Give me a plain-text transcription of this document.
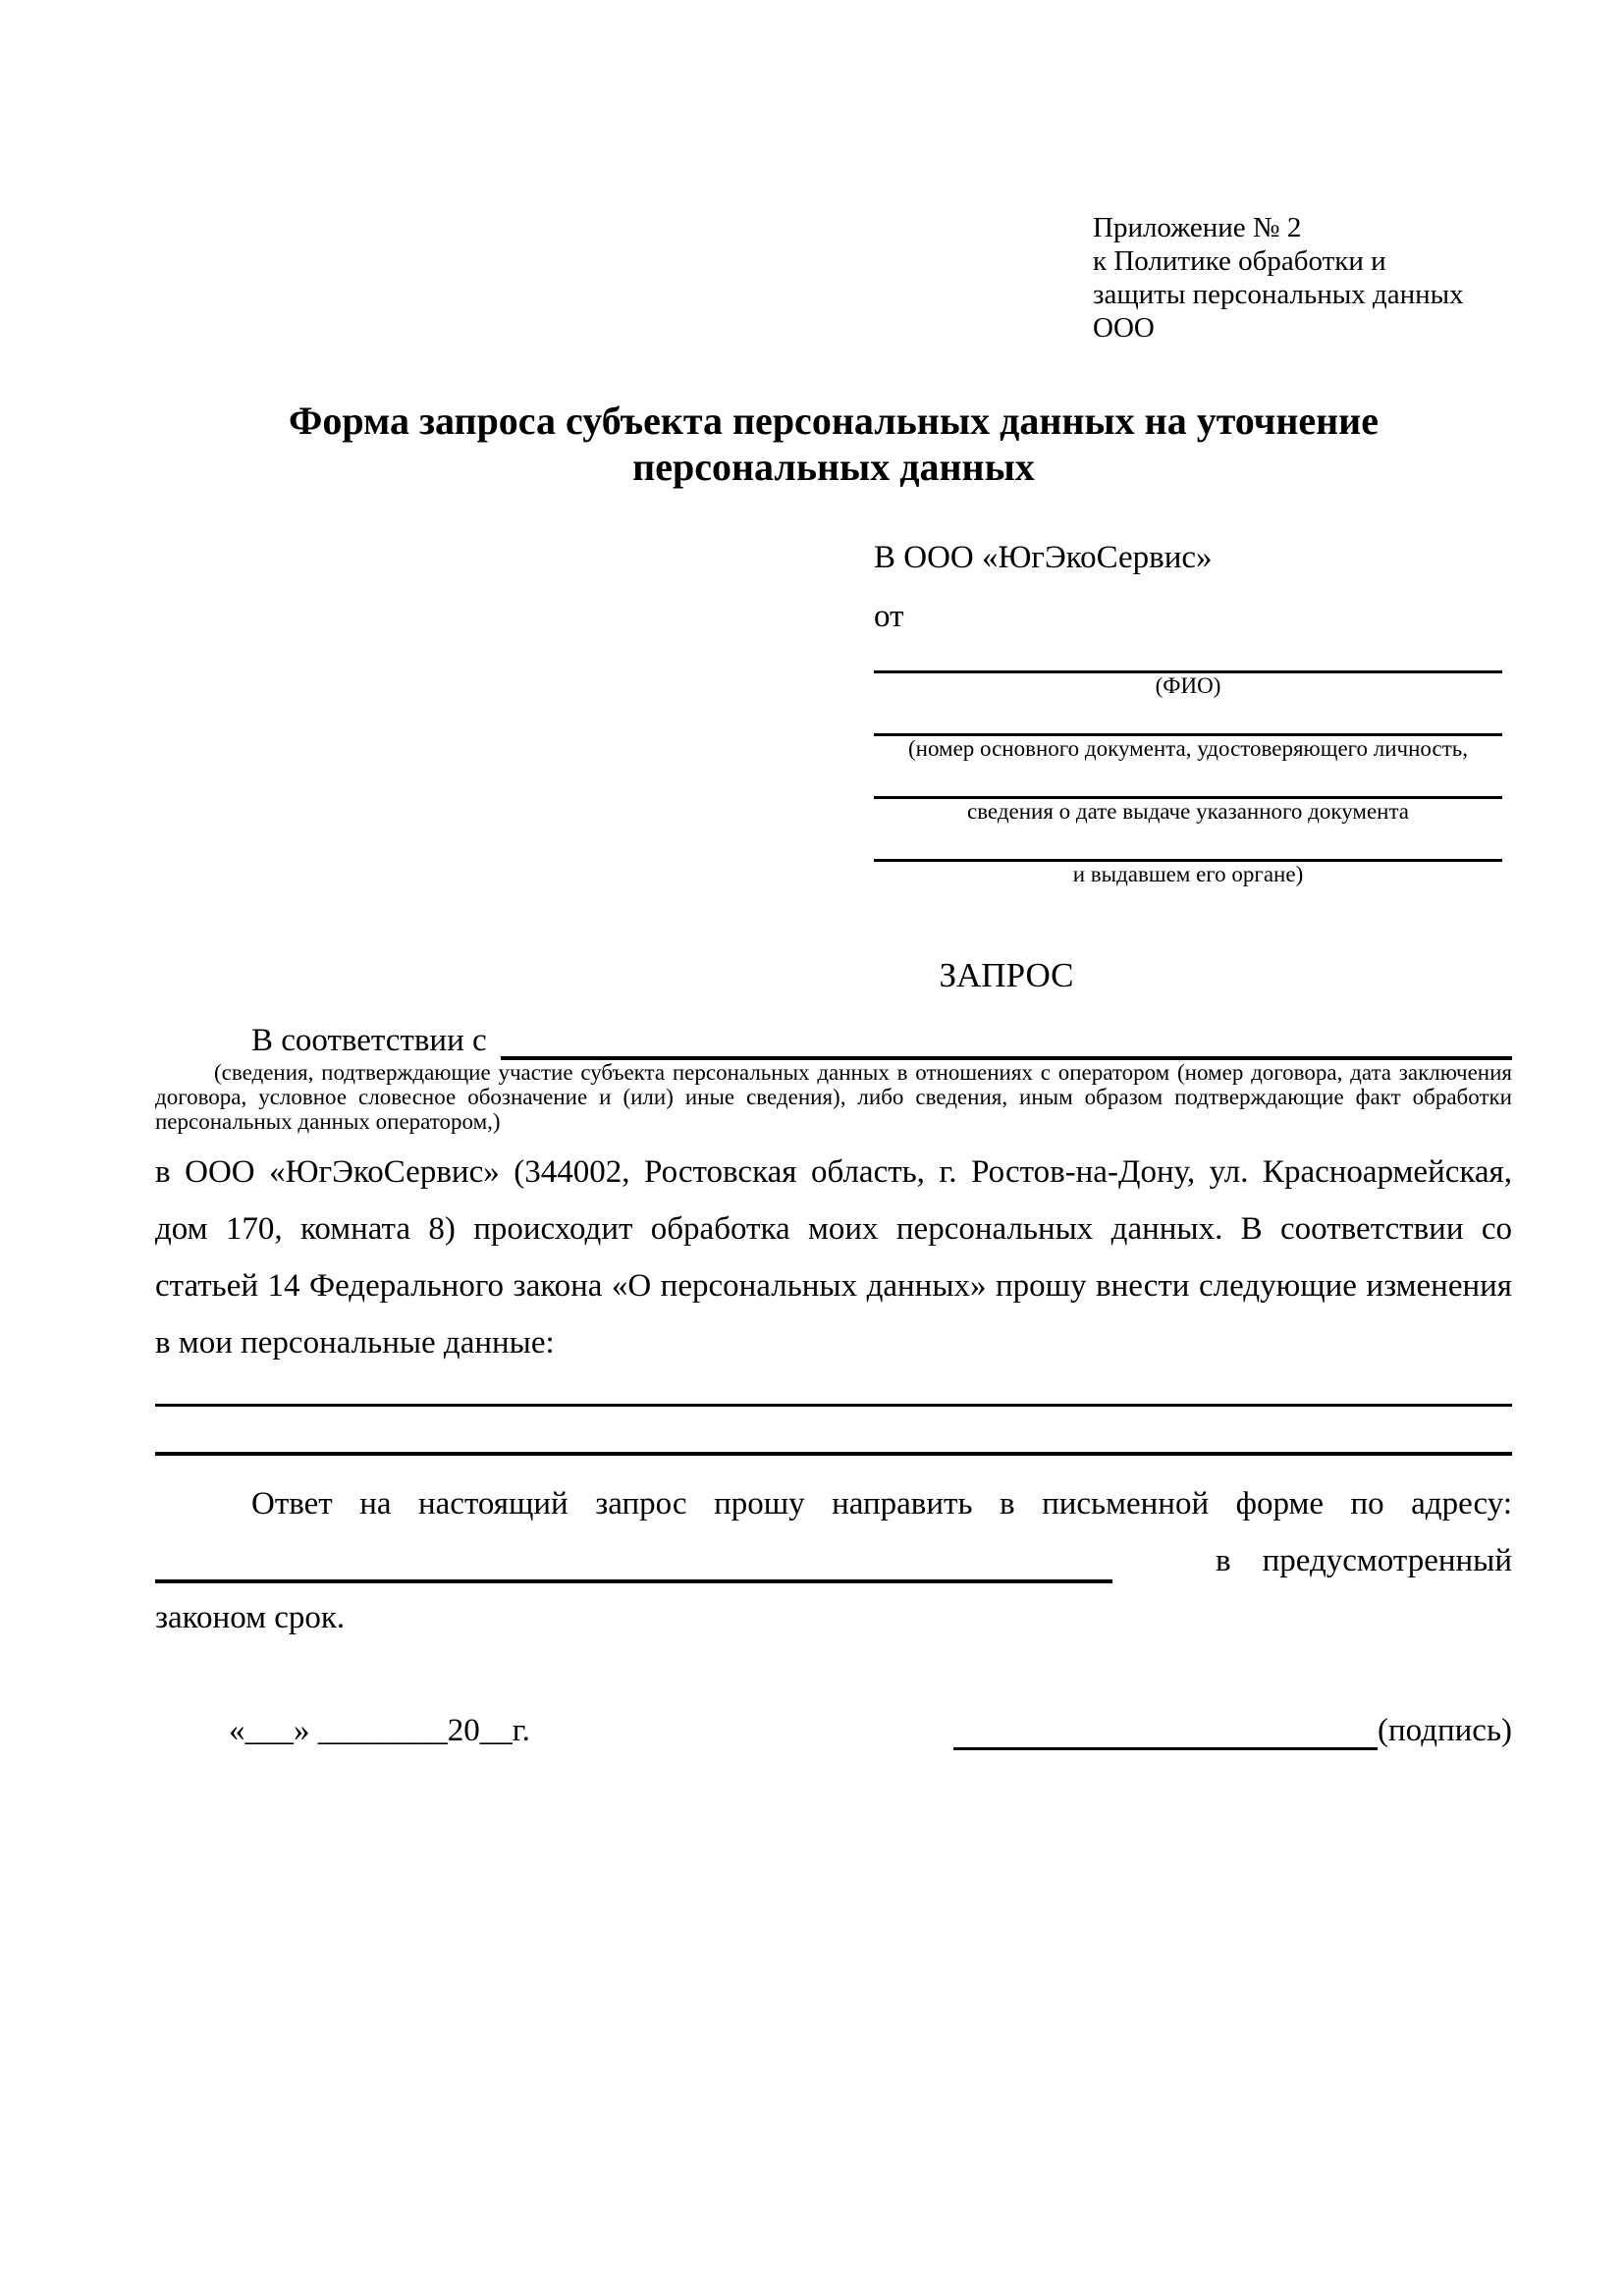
Приложение № 2
к Политике обработки и
защиты персональных данных
ООО
Форма запроса субъекта персональных данных на уточнение персональных данных
В ООО «ЮгЭкоСервис»
от
(ФИО)
(номер основного документа, удостоверяющего личность,
сведения о дате выдаче указанного документа
и выдавшем его органе)
ЗАПРОС
В соответствии с
(сведения, подтверждающие участие субъекта персональных данных в отношениях с оператором (номер договора, дата заключения договора, условное словесное обозначение и (или) иные сведения), либо сведения, иным образом подтверждающие факт обработки персональных данных оператором,)
в ООО «ЮгЭкоСервис» (344002, Ростовская область, г. Ростов-на-Дону, ул. Красноармейская, дом 170, комната 8) происходит обработка моих персональных данных. В соответствии со статьей 14 Федерального закона «О персональных данных» прошу внести следующие изменения в мои персональные данные:
Ответ на настоящий запрос прошу направить в письменной форме по адресу:
в предусмотренный
законом срок.
«___» ________20__г.	(подпись)
